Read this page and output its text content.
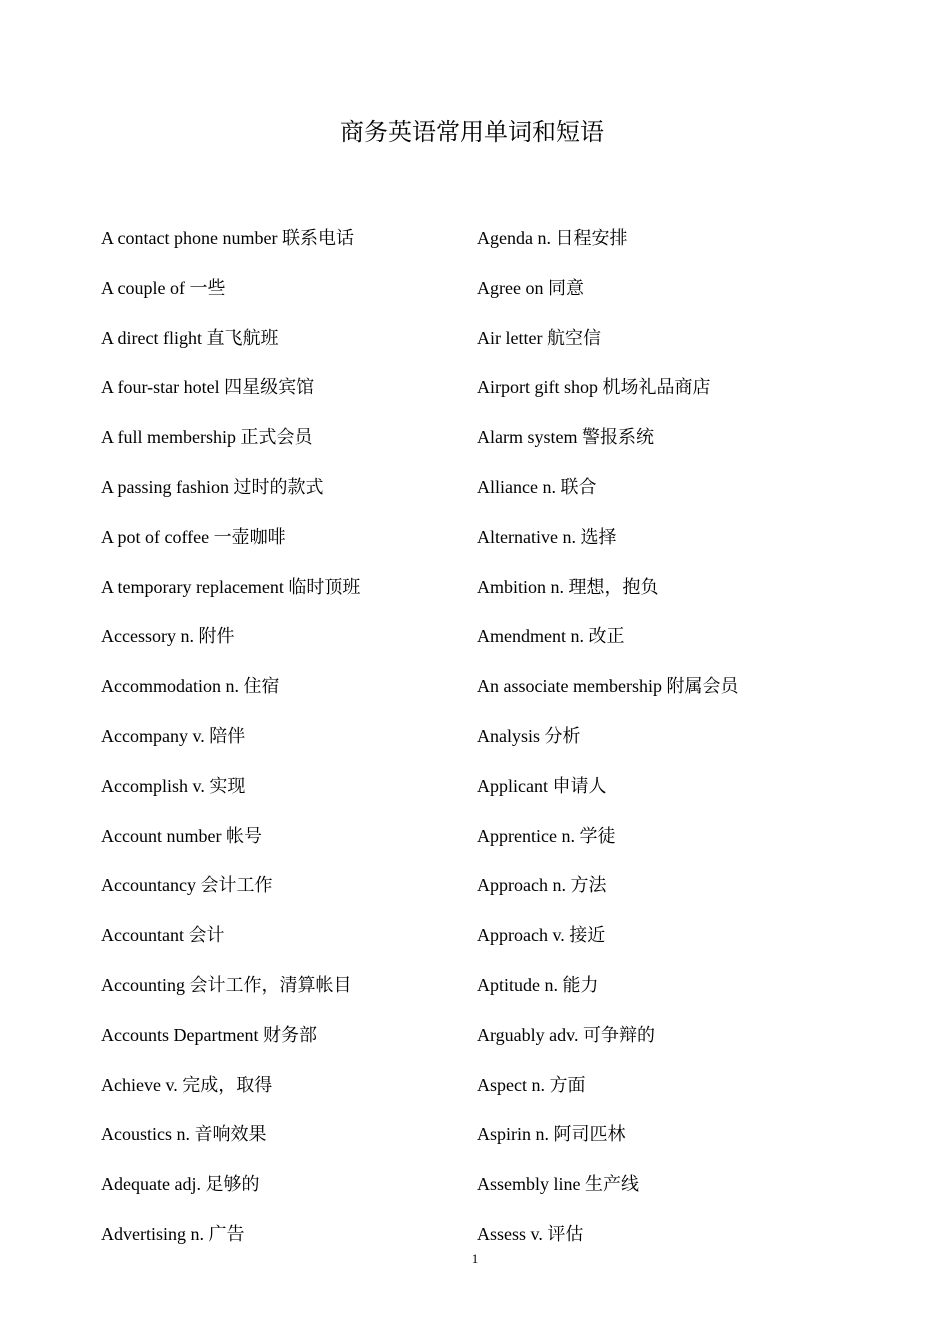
商务英语常用单词和短语
A contact phone number 联系电话
A couple of 一些
A direct flight 直飞航班
A four-star hotel 四星级宾馆
A full membership 正式会员
A passing fashion 过时的款式
A pot of coffee 一壶咖啡
A temporary replacement 临时顶班
Accessory n. 附件
Accommodation n. 住宿
Accompany v. 陪伴
Accomplish v. 实现
Account number 帐号
Accountancy 会计工作
Accountant 会计
Accounting 会计工作，清算帐目
Accounts Department 财务部
Achieve v. 完成，取得
Acoustics n. 音响效果
Adequate adj. 足够的
Advertising n. 广告
Agenda n. 日程安排
Agree on 同意
Air letter 航空信
Airport gift shop 机场礼品商店
Alarm system 警报系统
Alliance n. 联合
Alternative n. 选择
Ambition n. 理想，抱负
Amendment n. 改正
An associate membership 附属会员
Analysis 分析
Applicant 申请人
Apprentice n. 学徒
Approach n. 方法
Approach v. 接近
Aptitude n. 能力
Arguably adv. 可争辩的
Aspect n. 方面
Aspirin n. 阿司匹林
Assembly line 生产线
Assess v. 评估
1
